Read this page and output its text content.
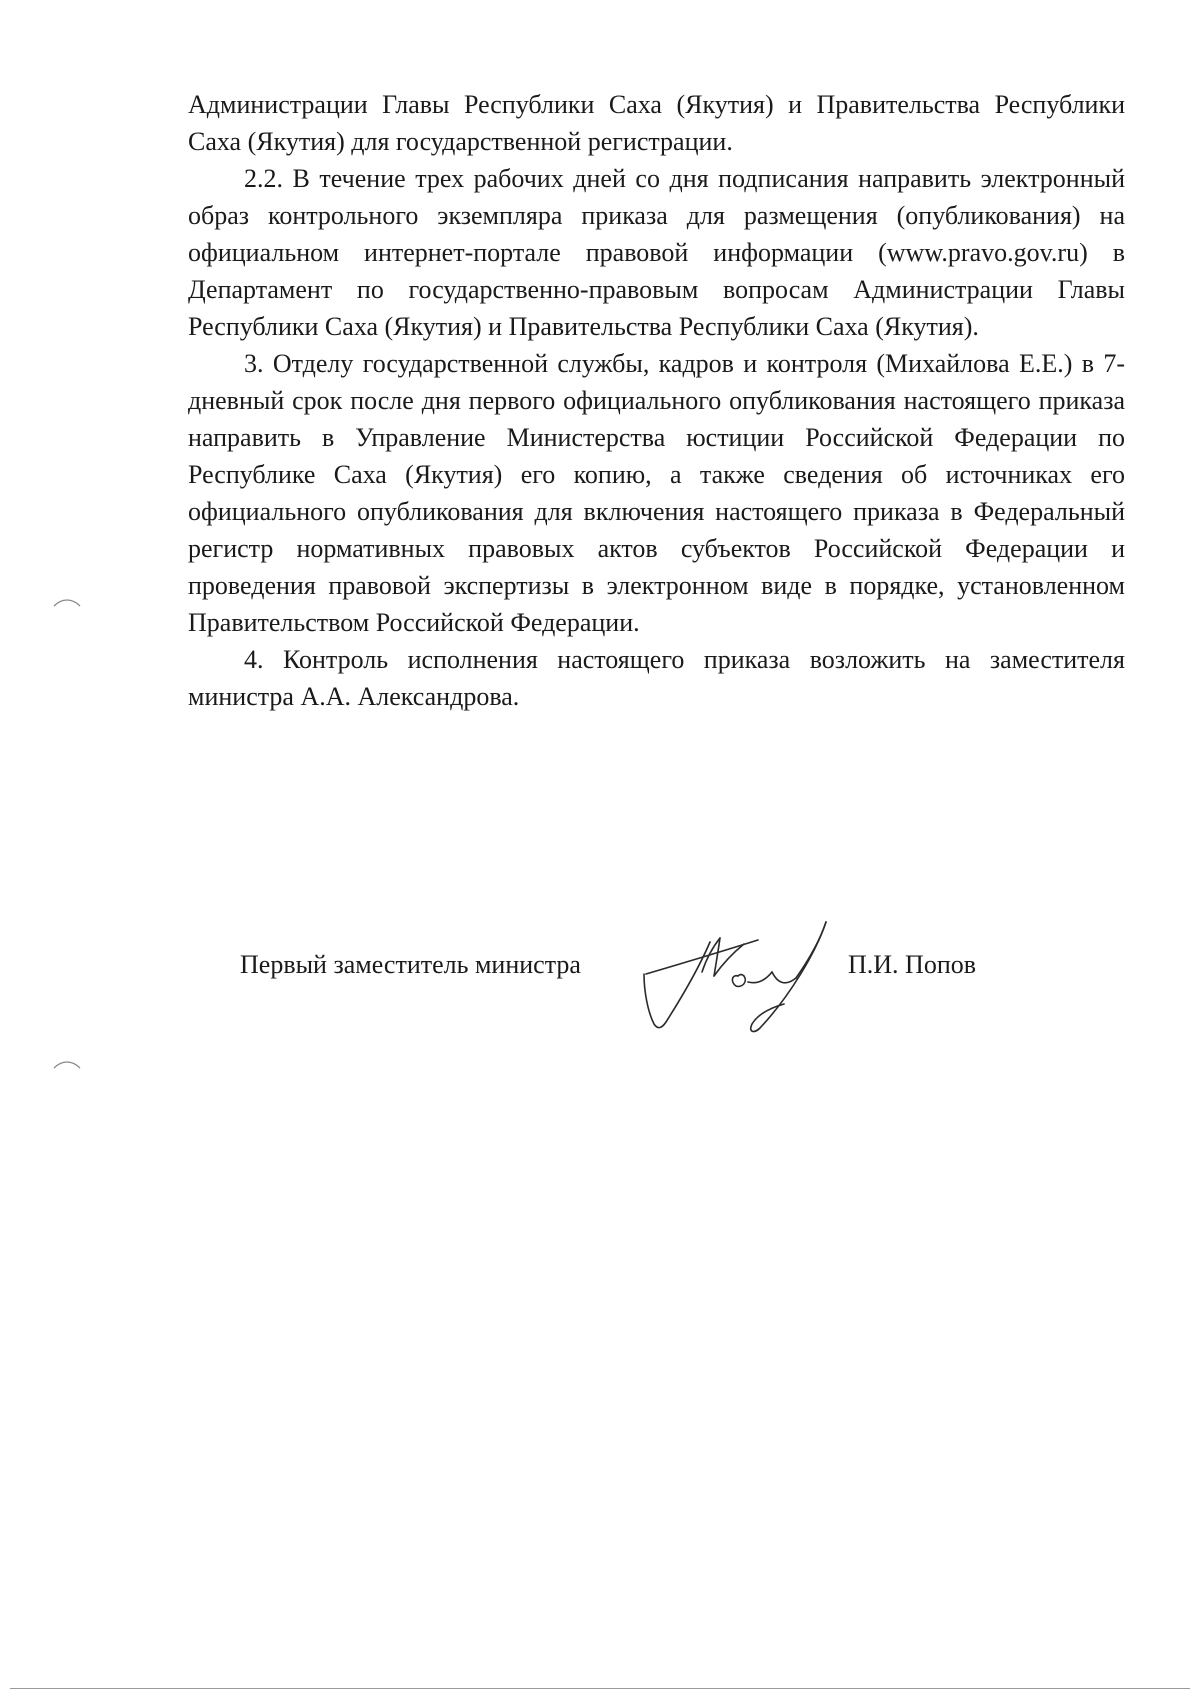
Администрации Главы Республики Саха (Якутия) и Правительства Республики Саха (Якутия) для государственной регистрации.

2.2. В течение трех рабочих дней со дня подписания направить электронный образ контрольного экземпляра приказа для размещения (опубликования) на официальном интернет-портале правовой информации (www.pravo.gov.ru) в Департамент по государственно-правовым вопросам Администрации Главы Республики Саха (Якутия) и Правительства Республики Саха (Якутия).

3. Отделу государственной службы, кадров и контроля (Михайлова Е.Е.) в 7-дневный срок после дня первого официального опубликования настоящего приказа направить в Управление Министерства юстиции Российской Федерации по Республике Саха (Якутия) его копию, а также сведения об источниках его официального опубликования для включения настоящего приказа в Федеральный регистр нормативных правовых актов субъектов Российской Федерации и проведения правовой экспертизы в электронном виде в порядке, установленном Правительством Российской Федерации.

4. Контроль исполнения настоящего приказа возложить на заместителя министра А.А. Александрова.

Первый заместитель министра	П.И. Попов
